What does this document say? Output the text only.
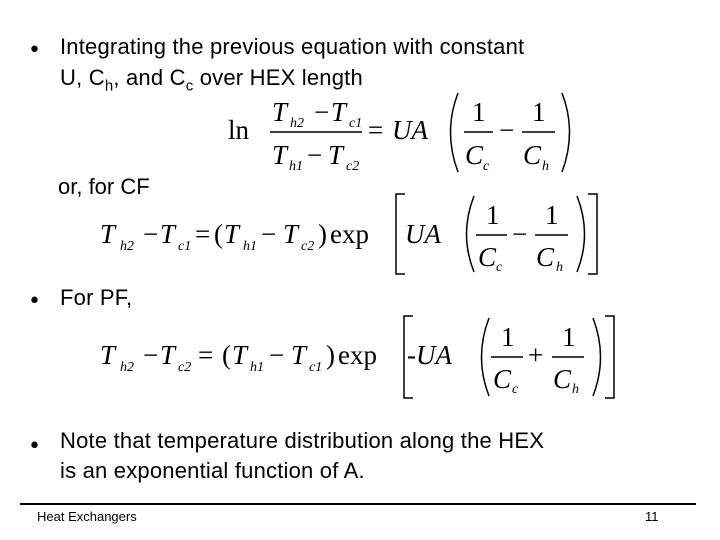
• Integrating the previous equation with constant
U, $C_h$, and $C_c$ over HEX length
ln
T h2 − T c1
T h1 − T c2
= UA
1
C c
−
1
C h
or, for CF
T h2 − T c1 = ( T h1 − T c2 ) exp UA
1
C c
−
1
C h
• For PF,
T h2 − T c2 = ( T h1 − T c1 ) exp -UA
1
C c
+
1
C h
• Note that temperature distribution along the HEX
is an exponential function of A.
Heat Exchangers	11
